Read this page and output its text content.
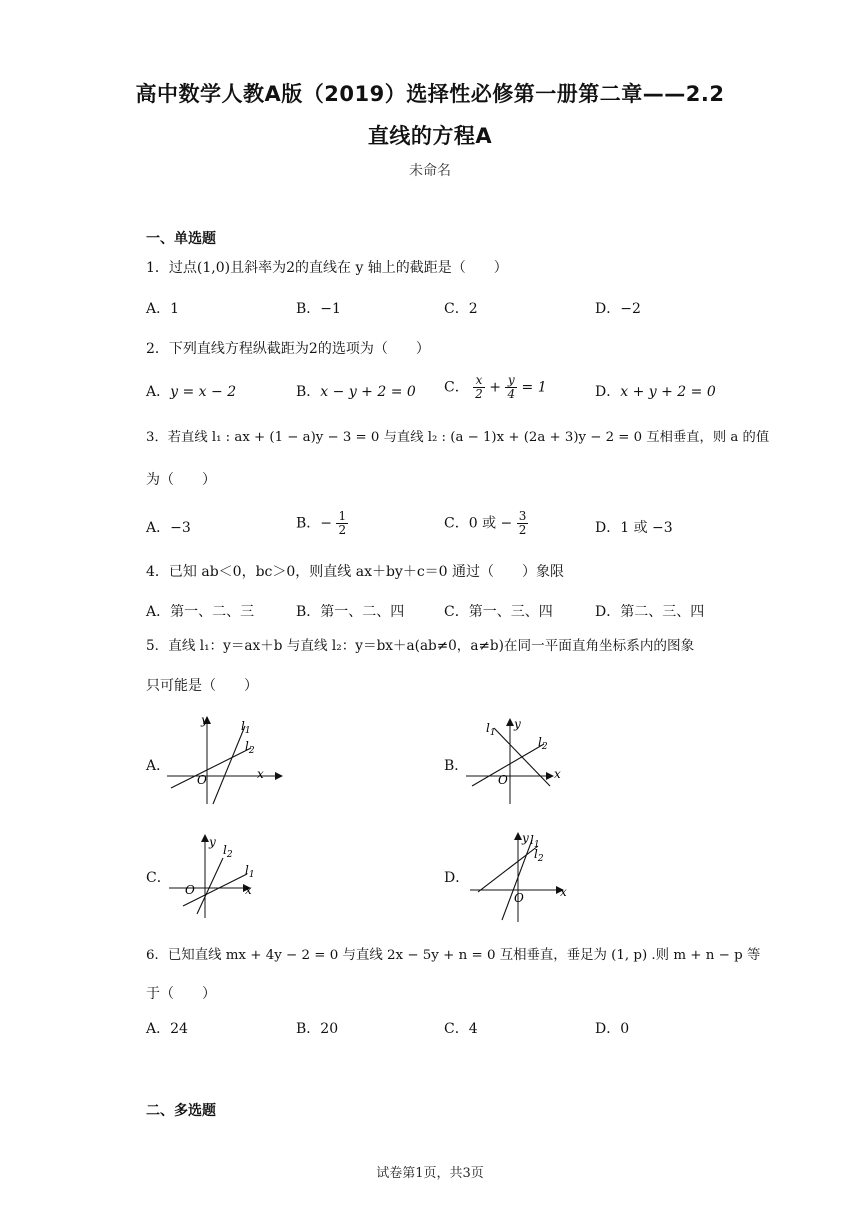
高中数学人教A版（2019）选择性必修第一册第二章——2.2
直线的方程A
未命名
一、单选题
1．过点(1,0)且斜率为2的直线在 y 轴上的截距是（　　）
A．1	B．−1	C．2	D．−2
2．下列直线方程纵截距为2的选项为（　　）
A．y = x − 2	B．x − y + 2 = 0 C． $\frac{x}{2} + \frac{y}{4} = 1$	D．x + y + 2 = 0
3．若直线 l₁ : ax + (1 − a)y − 3 = 0 与直线 l₂ : (a − 1)x + (2a + 3)y − 2 = 0 互相垂直，则 a 的值
为（　　）
A．−3	B．− $\frac{1}{2}$	C．0 或 − $\frac{3}{2}$	D．1 或 −3
4．已知 ab＜0，bc＞0，则直线 ax＋by＋c＝0 通过（　　）象限
A．第一、二、三	B．第一、二、四	C．第一、三、四	D．第二、三、四
5．直线 l₁：y＝ax＋b 与直线 l₂：y＝bx＋a(ab≠0，a≠b)在同一平面直角坐标系内的图象
只可能是（　　）
A．
y
x
O
$l_1$
$l_2$
B．
y
x
O
$l_1$
$l_2$
C．
y
x
O
$l_1$
$l_2$
D．
y
x
O
$l_1$
$l_2$
6．已知直线 mx + 4y − 2 = 0 与直线 2x − 5y + n = 0 互相垂直，垂足为 (1, p) .则 m + n − p 等
于（　　）
A．24	B．20	C．4	D．0
二、多选题
试卷第1页，共3页
